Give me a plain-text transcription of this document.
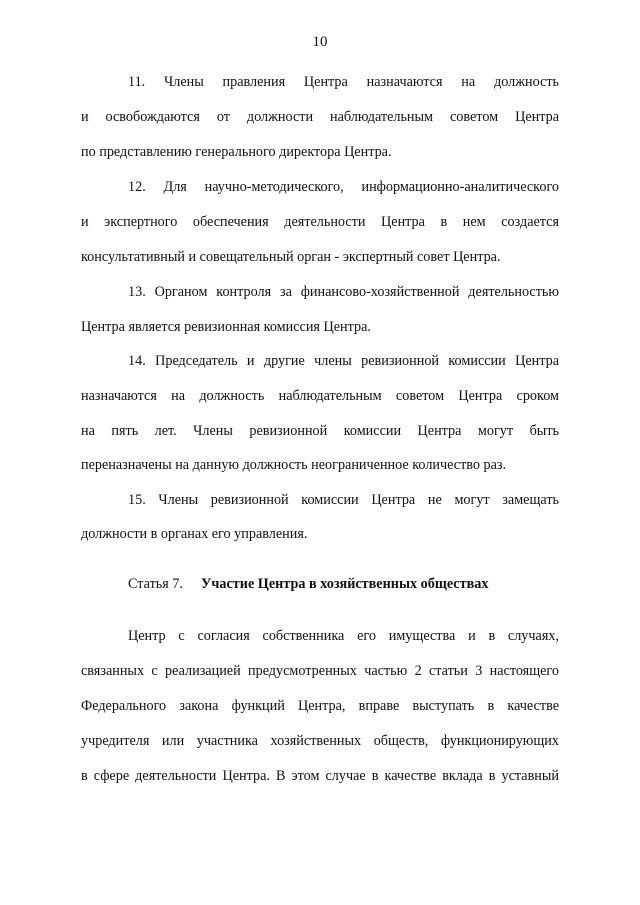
10
11. Члены правления Центра назначаются на должность
и освобождаются от должности наблюдательным советом Центра
по представлению генерального директора Центра.
12. Для научно-методического, информационно-аналитического
и экспертного обеспечения деятельности Центра в нем создается
консультативный и совещательный орган - экспертный совет Центра.
13. Органом контроля за финансово-хозяйственной деятельностью
Центра является ревизионная комиссия Центра.
14. Председатель и другие члены ревизионной комиссии Центра
назначаются на должность наблюдательным советом Центра сроком
на пять лет. Члены ревизионной комиссии Центра могут быть
переназначены на данную должность неограниченное количество раз.
15. Члены ревизионной комиссии Центра не могут замещать
должности в органах его управления.
Статья 7. Участие Центра в хозяйственных обществах
Центр с согласия собственника его имущества и в случаях,
связанных с реализацией предусмотренных частью 2 статьи 3 настоящего
Федерального закона функций Центра, вправе выступать в качестве
учредителя или участника хозяйственных обществ, функционирующих
в сфере деятельности Центра. В этом случае в качестве вклада в уставный
